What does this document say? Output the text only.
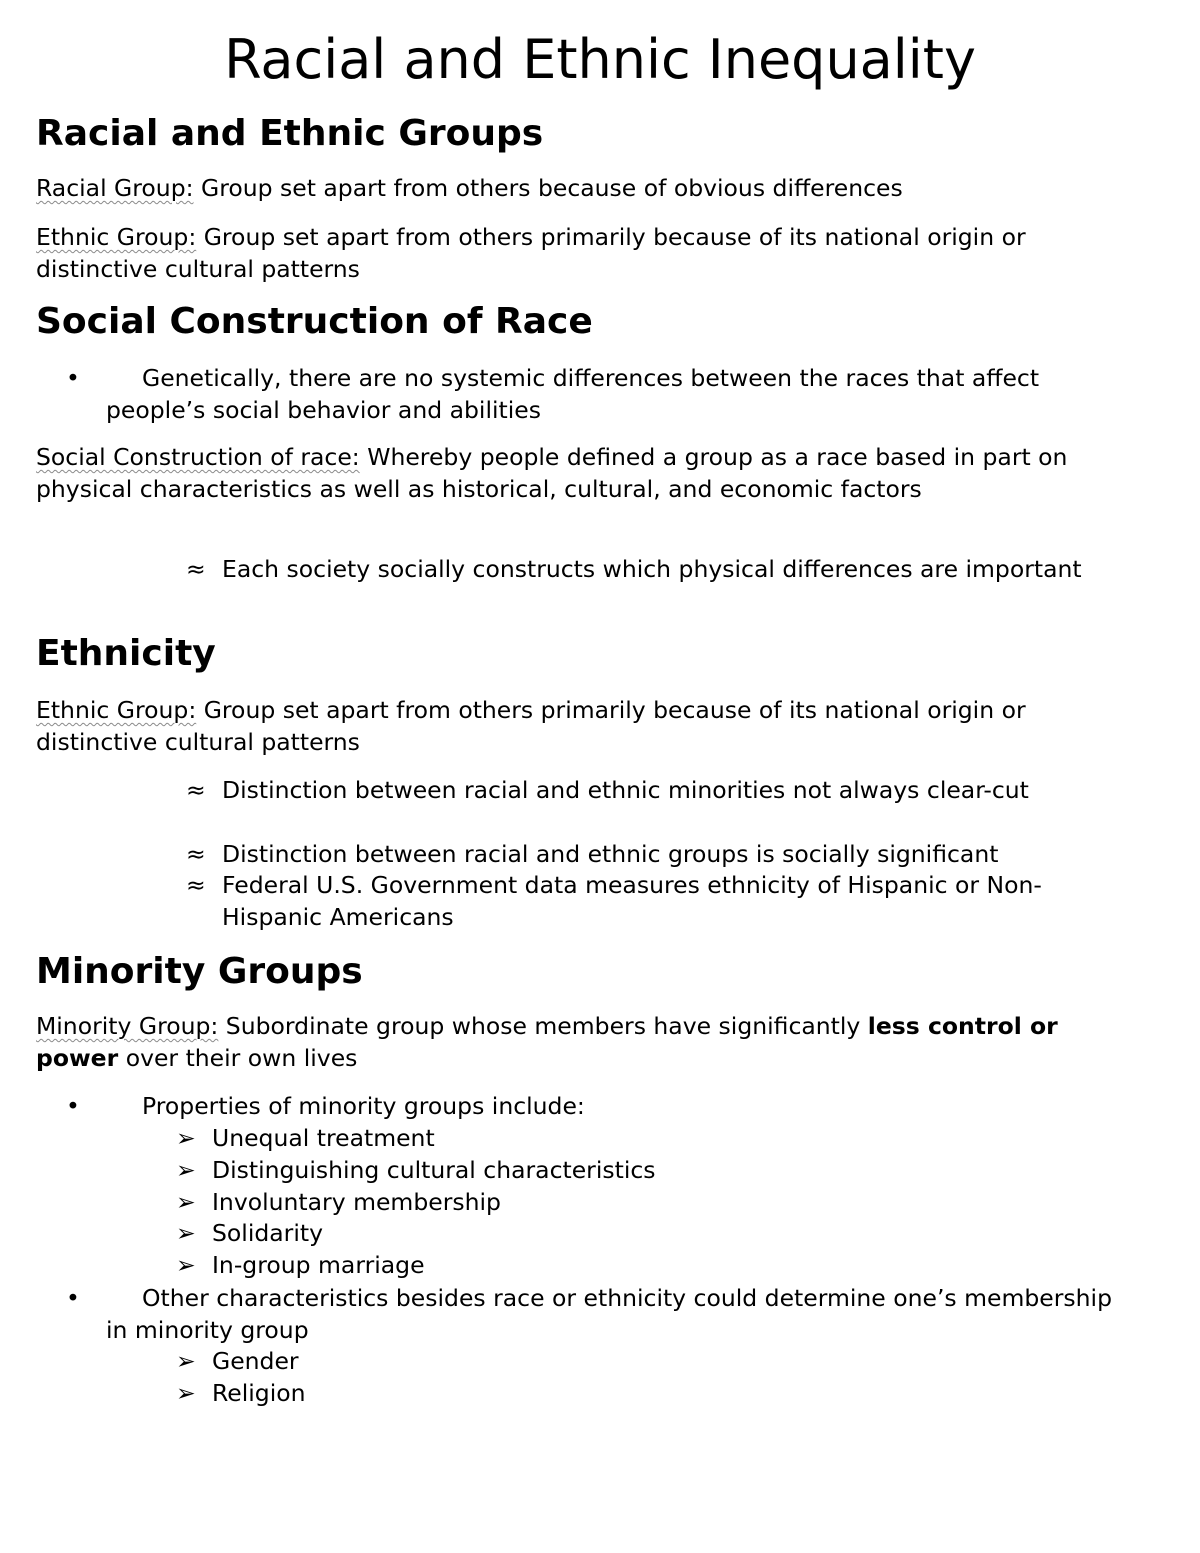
Racial and Ethnic Inequality
Racial and Ethnic Groups

Racial Group: Group set apart from others because of obvious differences

Ethnic Group: Group set apart from others primarily because of its national origin or distinctive cultural patterns

Social Construction of Race
•	Genetically, there are no systemic differences between the races that affect people’s social behavior and abilities

Social Construction of race: Whereby people defined a group as a race based in part on physical characteristics as well as historical, cultural, and economic factors

≈ Each society socially constructs which physical differences are important
Ethnicity

Ethnic Group: Group set apart from others primarily because of its national origin or distinctive cultural patterns

≈ Distinction between racial and ethnic minorities not always clear-cut
≈ Distinction between racial and ethnic groups is socially significant
≈ Federal U.S. Government data measures ethnicity of Hispanic or Non-Hispanic Americans
Minority Groups

Minority Group: Subordinate group whose members have significantly less control or power over their own lives

•	Properties of minority groups include:
➢ Unequal treatment
➢ Distinguishing cultural characteristics
➢ Involuntary membership
➢ Solidarity
➢ In-group marriage
•	Other characteristics besides race or ethnicity could determine one’s membership in minority group
➢ Gender
➢ Religion
